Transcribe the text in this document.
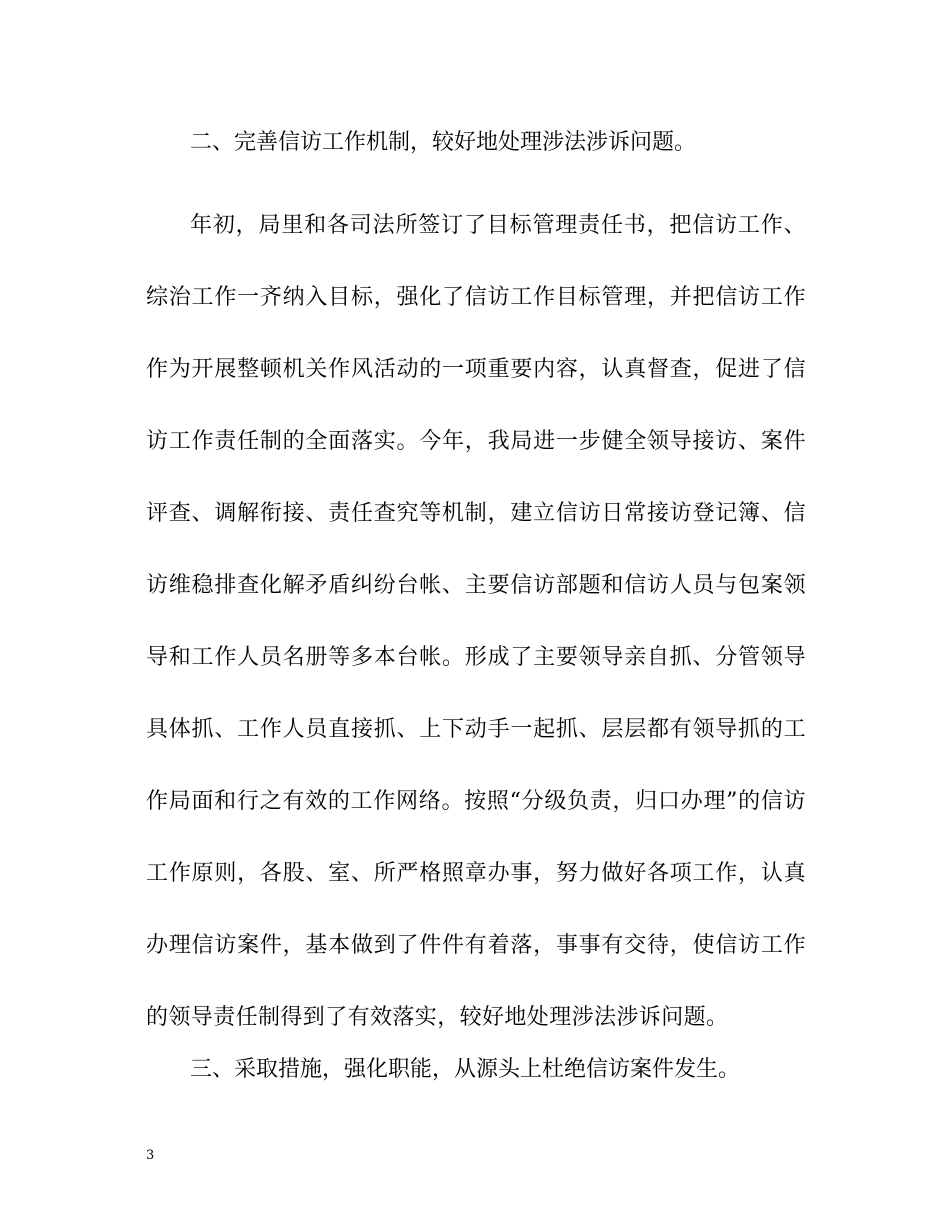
二、完善信访工作机制，较好地处理涉法涉诉问题。
年初，局里和各司法所签订了目标管理责任书，把信访工作、综治工作一齐纳入目标，强化了信访工作目标管理，并把信访工作作为开展整顿机关作风活动的一项重要内容，认真督查，促进了信访工作责任制的全面落实。今年，我局进一步健全领导接访、案件评查、调解衔接、责任查究等机制，建立信访日常接访登记簿、信访维稳排查化解矛盾纠纷台帐、主要信访部题和信访人员与包案领导和工作人员名册等多本台帐。形成了主要领导亲自抓、分管领导具体抓、工作人员直接抓、上下动手一起抓、层层都有领导抓的工作局面和行之有效的工作网络。按照“分级负责，归口办理”的信访工作原则，各股、室、所严格照章办事，努力做好各项工作，认真办理信访案件，基本做到了件件有着落，事事有交待，使信访工作的领导责任制得到了有效落实，较好地处理涉法涉诉问题。
三、采取措施，强化职能，从源头上杜绝信访案件发生。
3
